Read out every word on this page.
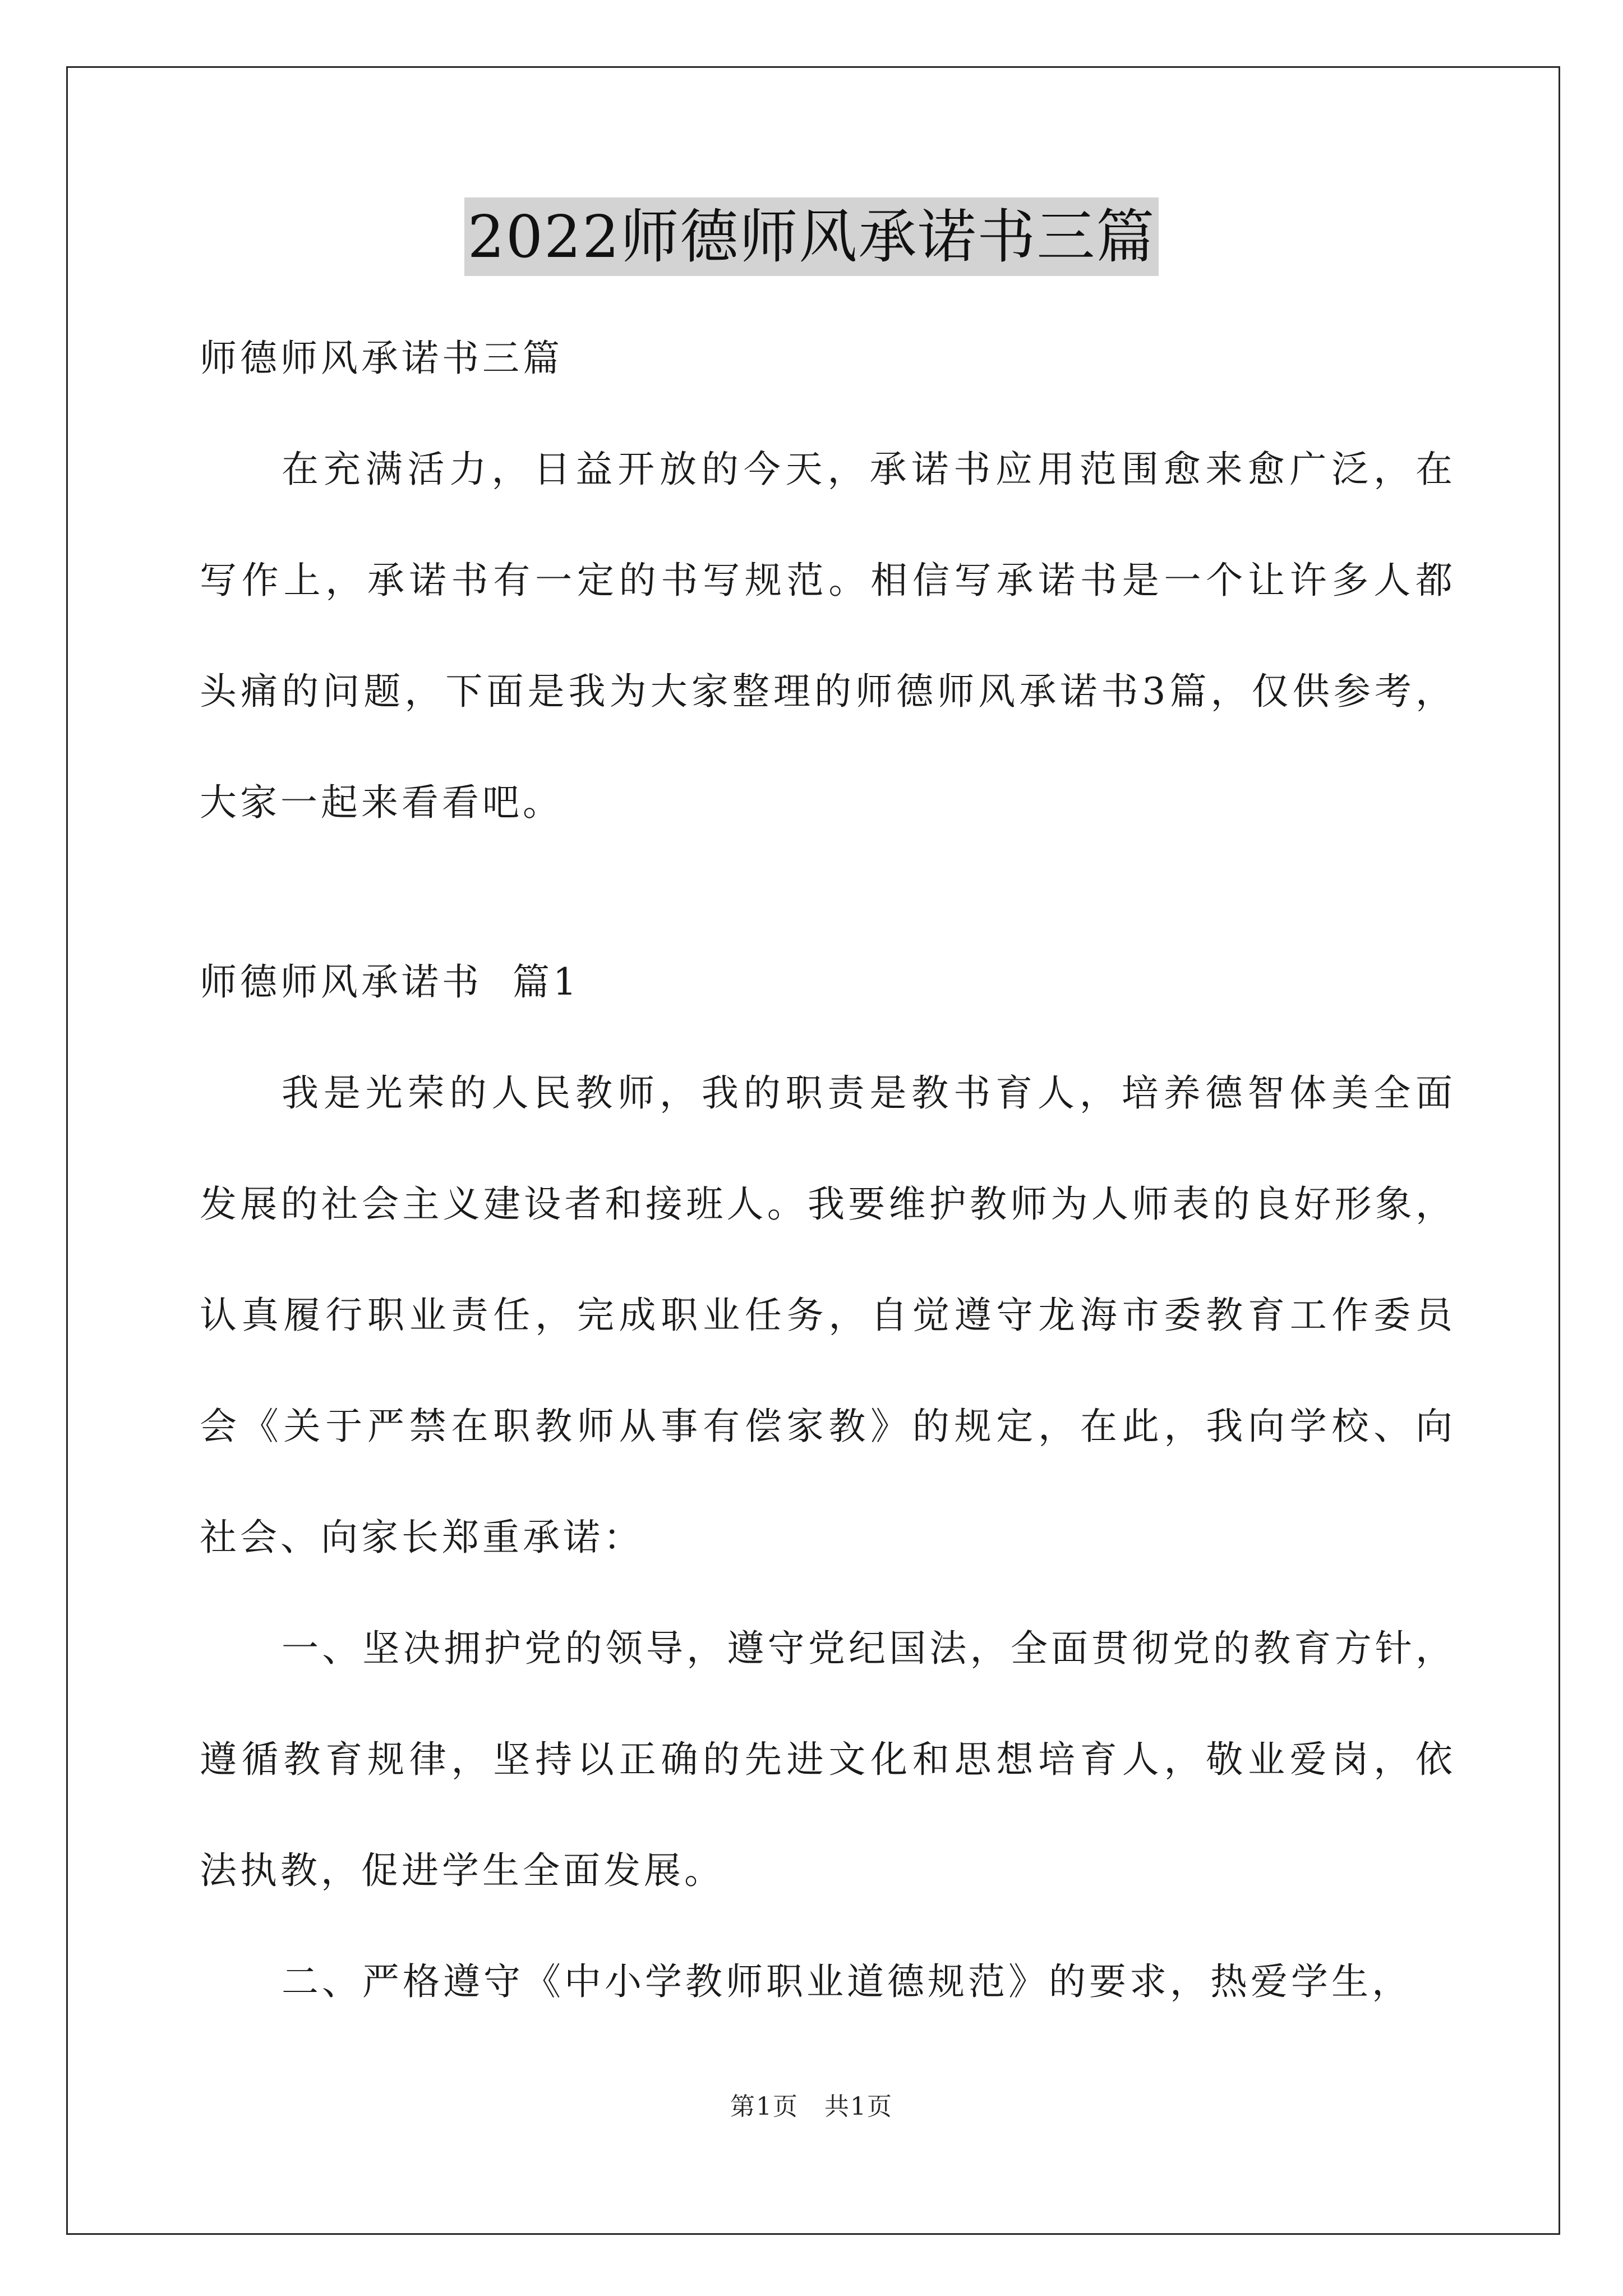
2022师德师风承诺书三篇

师德师风承诺书三篇

在充满活力，日益开放的今天，承诺书应用范围愈来愈广泛，在

写作上，承诺书有一定的书写规范。相信写承诺书是一个让许多人都

头痛的问题，下面是我为大家整理的师德师风承诺书3篇，仅供参考，

大家一起来看看吧。

师德师风承诺书  篇1

我是光荣的人民教师，我的职责是教书育人，培养德智体美全面

发展的社会主义建设者和接班人。我要维护教师为人师表的良好形象，

认真履行职业责任，完成职业任务，自觉遵守龙海市委教育工作委员

会《关于严禁在职教师从事有偿家教》的规定，在此，我向学校、向

社会、向家长郑重承诺：

一、坚决拥护党的领导，遵守党纪国法，全面贯彻党的教育方针，

遵循教育规律，坚持以正确的先进文化和思想培育人，敬业爱岗，依

法执教，促进学生全面发展。

二、严格遵守《中小学教师职业道德规范》的要求，热爱学生，

第1页 共1页
